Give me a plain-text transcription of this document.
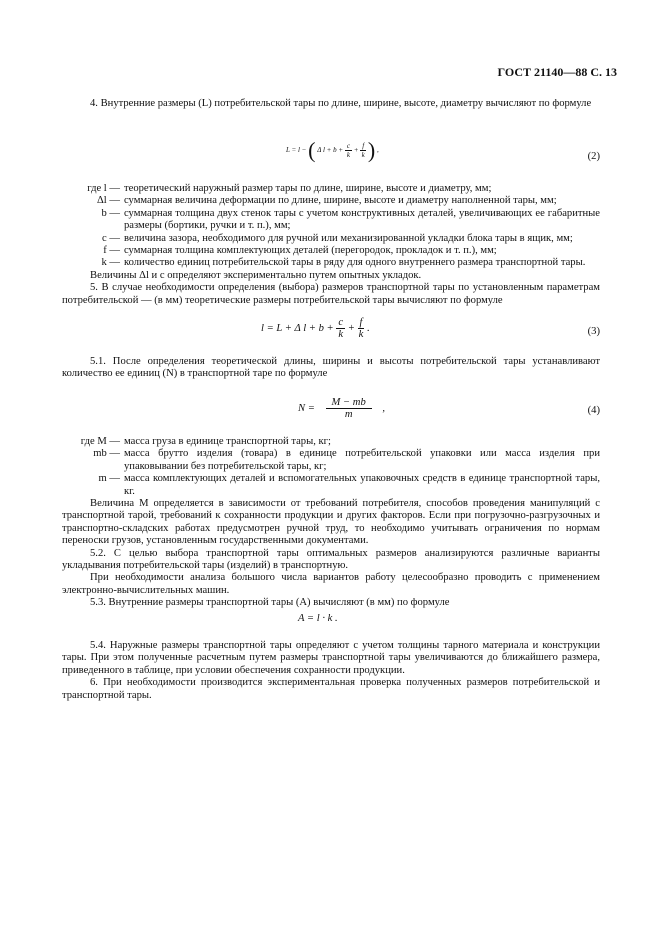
ГОСТ 21140—88 С. 13

4. Внутренние размеры (L) потребительской тары по длине, ширине, высоте, диаметру вычисляют по формуле

L = l − ( Δ $l + b + \frac{c}{k} + \frac{f}{k}$ ) ,
(2)
где l — теоретический наружный размер тары по длине, ширине, высоте и диаметру, мм;
Δl — суммарная величина деформации по длине, ширине, высоте и диаметру наполненной тары, мм;
b — суммарная толщина двух стенок тары с учетом конструктивных деталей, увеличивающих ее габаритные размеры (бортики, ручки и т. п.), мм;
c — величина зазора, необходимого для ручной или механизированной укладки блока тары в ящик, мм;
f — суммарная толщина комплектующих деталей (перегородок, прокладок и т. п.), мм;
k — количество единиц потребительской тары в ряду для одного внутреннего размера транспортной тары.

Величины Δl и c определяют экспериментально путем опытных укладок.

5. В случае необходимости определения (выбора) размеров транспортной тары по установленным параметрам потребительской — (в мм) теоретические размеры потребительской тары вычисляют по формуле

l = L + Δ $l + b + \frac{c}{k} + \frac{f}{k}$ .	(3)

5.1. После определения теоретической длины, ширины и высоты потребительской тары устанавливают количество ее единиц (N) в транспортной таре по формуле

$N = \frac{M - mb}{m}$ ,	(4)
где M — масса груза в единице транспортной тары, кг;
mb — масса брутто изделия (товара) в единице потребительской упаковки или масса изделия при упаковывании без потребительской тары, кг;
m — масса комплектующих деталей и вспомогательных упаковочных средств в единице транспортной тары, кг.

Величина M определяется в зависимости от требований потребителя, способов проведения манипуляций с транспортной тарой, требований к сохранности продукции и других факторов. Если при погрузочно-разгрузочных и транспортно-складских работах предусмотрен ручной труд, то необходимо учитывать ограничения по нормам переноски грузов, установленным государственными документами.

5.2. С целью выбора транспортной тары оптимальных размеров анализируются различные варианты укладывания потребительской тары (изделий) в транспортную.

При необходимости анализа большого числа вариантов работу целесообразно проводить с применением электронно-вычислительных машин.

5.3. Внутренние размеры транспортной тары (A) вычисляют (в мм) по формуле

A = l · k .

5.4. Наружные размеры транспортной тары определяют с учетом толщины тарного материала и конструкции тары. При этом полученные расчетным путем размеры транспортной тары увеличиваются до ближайшего размера, приведенного в таблице, при условии обеспечения сохранности продукции.

6. При необходимости производится экспериментальная проверка полученных размеров потребительской и транспортной тары.
